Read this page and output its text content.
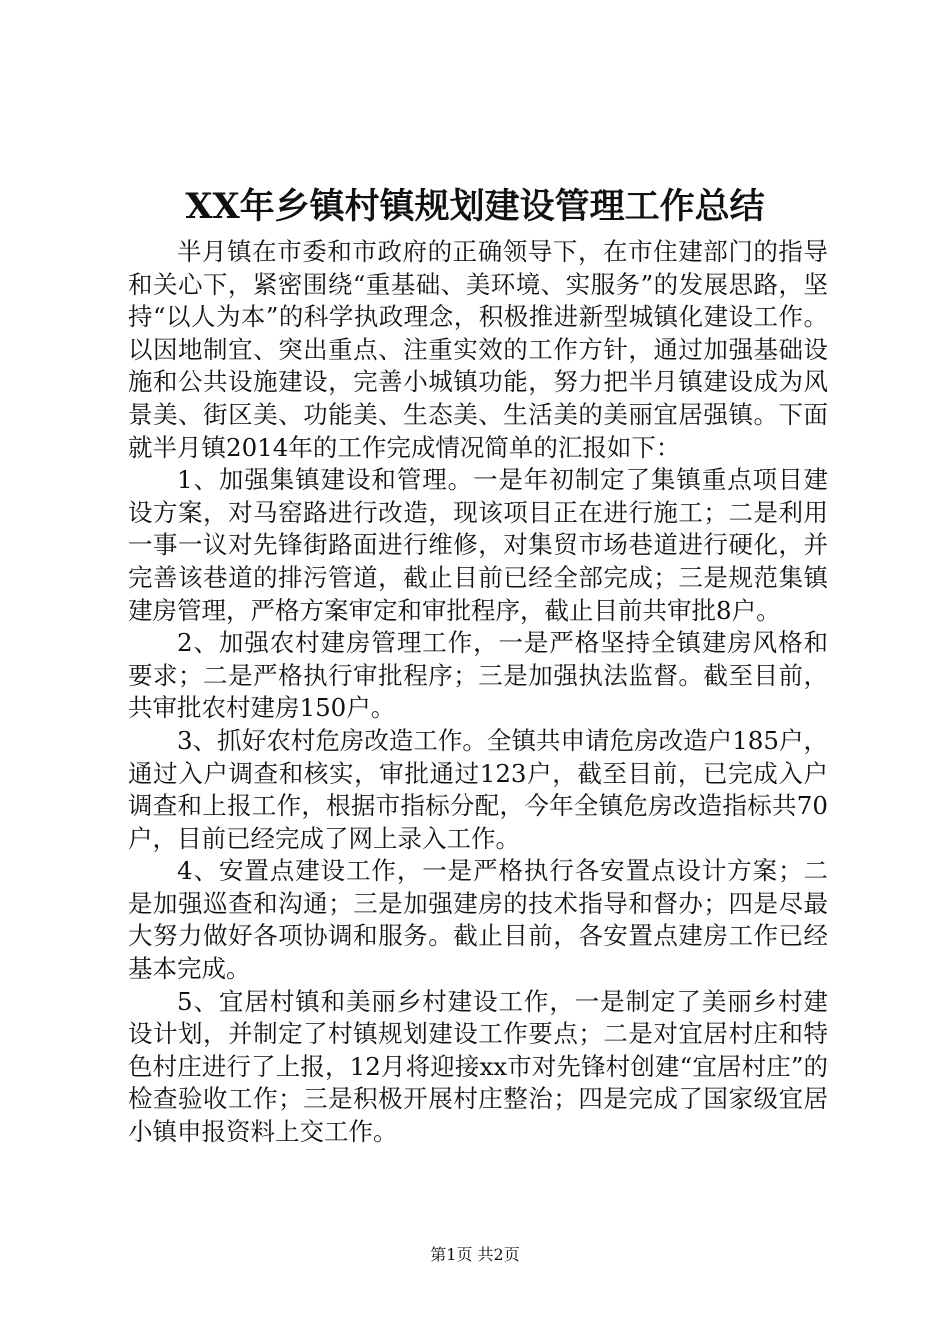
XX年乡镇村镇规划建设管理工作总结

半月镇在市委和市政府的正确领导下，在市住建部门的指导和关心下，紧密围绕“重基础、美环境、实服务”的发展思路，坚持“以人为本”的科学执政理念，积极推进新型城镇化建设工作。以因地制宜、突出重点、注重实效的工作方针，通过加强基础设施和公共设施建设，完善小城镇功能，努力把半月镇建设成为风景美、街区美、功能美、生态美、生活美的美丽宜居强镇。下面就半月镇2014年的工作完成情况简单的汇报如下：

1、加强集镇建设和管理。一是年初制定了集镇重点项目建设方案，对马窑路进行改造，现该项目正在进行施工；二是利用一事一议对先锋街路面进行维修，对集贸市场巷道进行硬化，并完善该巷道的排污管道，截止目前已经全部完成；三是规范集镇建房管理，严格方案审定和审批程序，截止目前共审批8户。

2、加强农村建房管理工作，一是严格坚持全镇建房风格和要求；二是严格执行审批程序；三是加强执法监督。截至目前，共审批农村建房150户。

3、抓好农村危房改造工作。全镇共申请危房改造户185户，通过入户调查和核实，审批通过123户，截至目前，已完成入户调查和上报工作，根据市指标分配，今年全镇危房改造指标共70户，目前已经完成了网上录入工作。

4、安置点建设工作，一是严格执行各安置点设计方案；二是加强巡查和沟通；三是加强建房的技术指导和督办；四是尽最大努力做好各项协调和服务。截止目前，各安置点建房工作已经基本完成。

5、宜居村镇和美丽乡村建设工作，一是制定了美丽乡村建设计划，并制定了村镇规划建设工作要点；二是对宜居村庄和特色村庄进行了上报，12月将迎接xx市对先锋村创建“宜居村庄”的检查验收工作；三是积极开展村庄整治；四是完成了国家级宜居小镇申报资料上交工作。

第1页 共2页
